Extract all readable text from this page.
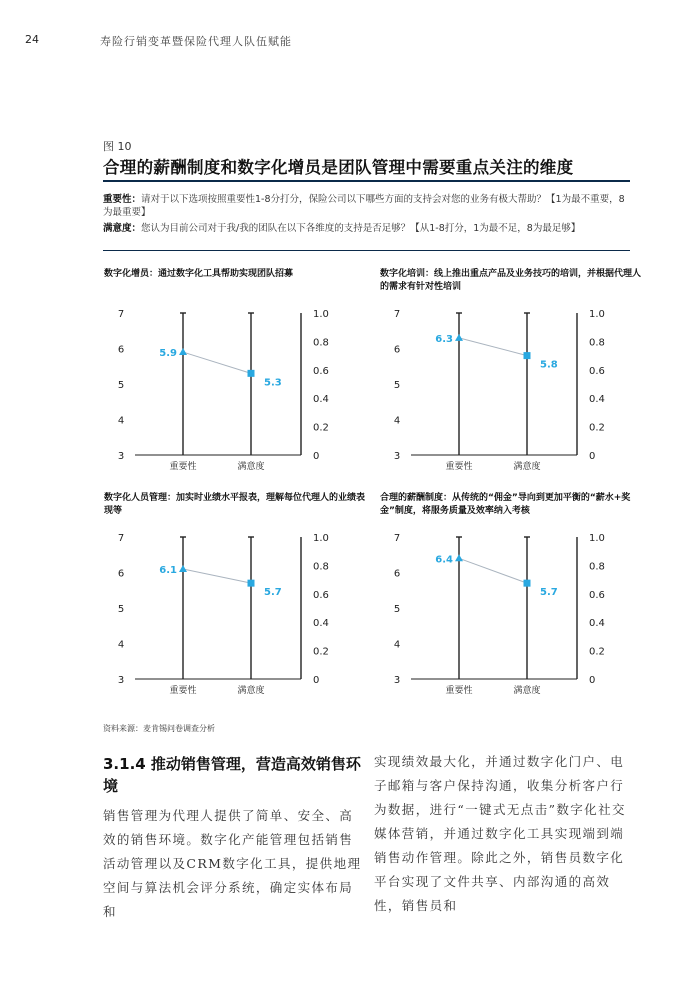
24	寿险行销变革暨保险代理人队伍赋能
图 10
合理的薪酬制度和数字化增员是团队管理中需要重点关注的维度

重要性：请对于以下选项按照重要性1-8分打分，保险公司以下哪些方面的支持会对您的业务有极大帮助？【1为最不重要，8为最重要】

满意度：您认为目前公司对于我/我的团队在以下各维度的支持是否足够？【从1-8打分，1为最不足，8为最足够】

数字化增员：通过数字化工具帮助实现团队招募
7
6
5
4
3
1.0
0.8
0.6
0.4
0.2
0
重要性	满意度
5.9
5.3
数字化培训：线上推出重点产品及业务技巧的培训，并根据代理人的需求有针对性培训
7
6
5
4
3
1.0
0.8
0.6
0.4
0.2
0
重要性	满意度
6.3
5.8
数字化人员管理：加实时业绩水平报表，理解每位代理人的业绩表现等
7
6
5
4
3
1.0
0.8
0.6
0.4
0.2
0
重要性	满意度
6.1
5.7
合理的薪酬制度：从传统的“佣金”导向到更加平衡的“薪水+奖金”制度，将服务质量及效率纳入考核
7
6
5
4
3
1.0
0.8
0.6
0.4
0.2
0
重要性	满意度
6.4
5.7
资料来源：麦肯锡问卷调查分析
3.1.4 推动销售管理，营造高效销售环境
销售管理为代理人提供了简单、安全、高效的销售环境。数字化产能管理包括销售活动管理以及CRM数字化工具，提供地理空间与算法机会评分系统，确定实体布局和
实现绩效最大化，并通过数字化门户、电子邮箱与客户保持沟通，收集分析客户行为数据，进行“一键式无点击”数字化社交媒体营销，并通过数字化工具实现端到端销售动作管理。除此之外，销售员数字化平台实现了文件共享、内部沟通的高效性，销售员和
